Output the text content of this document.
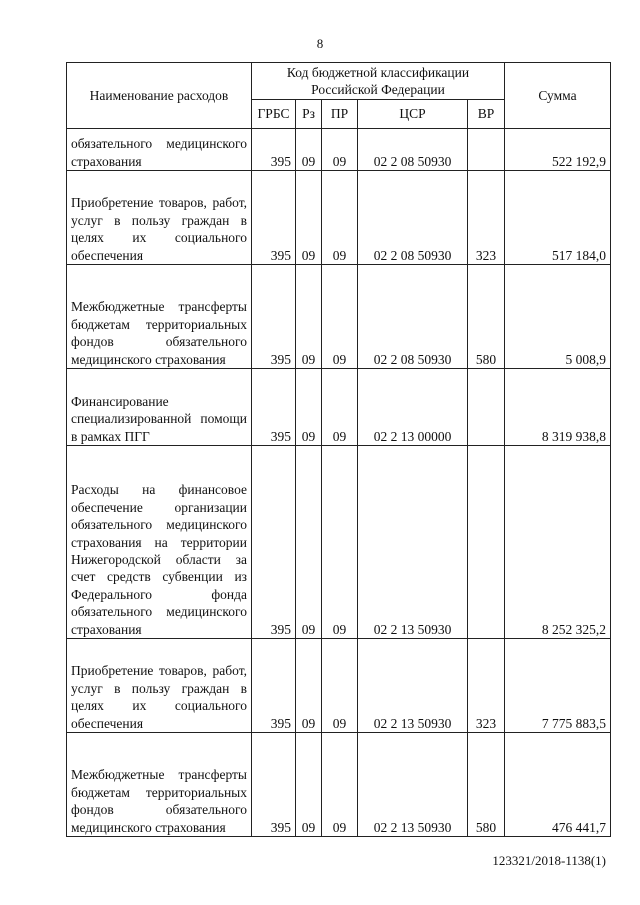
8
Наименование расходов	Код бюджетной классификации
Российской Федерации					Сумма
	ГРБС	Рз	ПР	ЦСР	ВР	
обязательного медицинского страхования	395	09	09	02 2 08 50930		522 192,9
Приобретение товаров, работ, услуг в пользу граждан в целях их социального обеспечения	395	09	09	02 2 08 50930	323	517 184,0
Межбюджетные трансферты бюджетам территориальных фондов обязательного медицинского страхования	395	09	09	02 2 08 50930	580	5 008,9
Финансирование специализированной помощи в рамках ПГГ	395	09	09	02 2 13 00000		8 319 938,8
Расходы на финансовое обеспечение организации обязательного медицинского страхования на территории Нижегородской области за счет средств субвенции из Федерального фонда обязательного медицинского страхования	395	09	09	02 2 13 50930		8 252 325,2
Приобретение товаров, работ, услуг в пользу граждан в целях их социального обеспечения	395	09	09	02 2 13 50930	323	7 775 883,5
Межбюджетные трансферты бюджетам территориальных фондов обязательного медицинского страхования	395	09	09	02 2 13 50930	580	476 441,7
123321/2018-1138(1)
